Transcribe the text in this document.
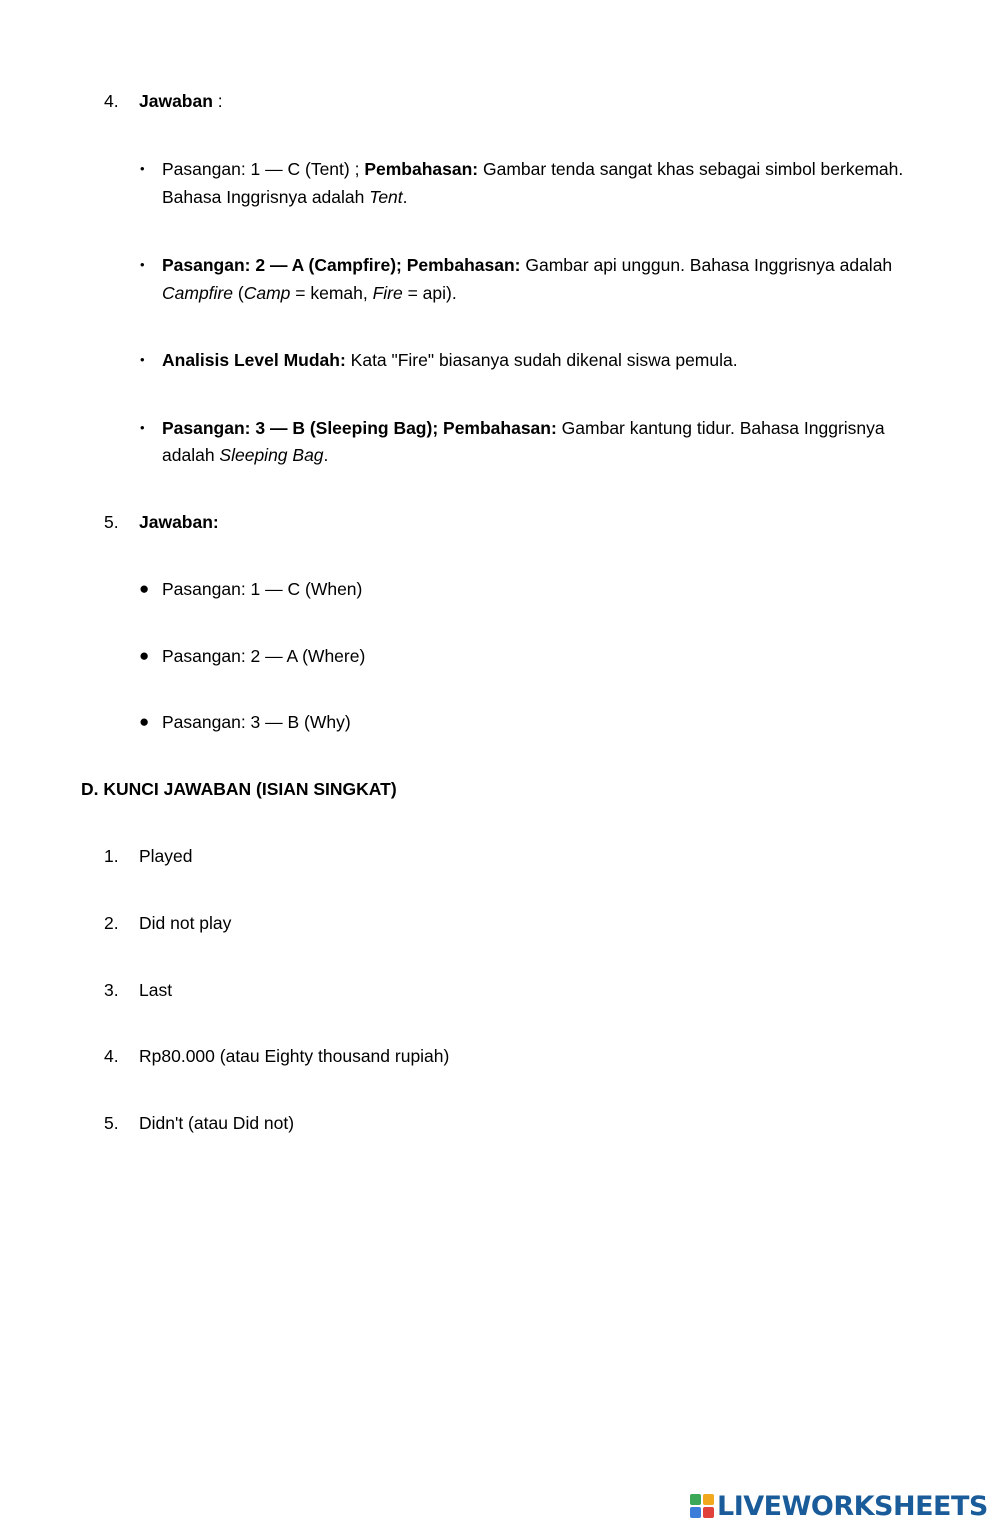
4. Jawaban :
• Pasangan: 1 — C (Tent) ; Pembahasan: Gambar tenda sangat khas sebagai simbol berkemah.
Bahasa Inggrisnya adalah Tent.
• Pasangan: 2 — A (Campfire); Pembahasan: Gambar api unggun. Bahasa Inggrisnya adalah
Campfire (Camp = kemah, Fire = api).
• Analisis Level Mudah: Kata "Fire" biasanya sudah dikenal siswa pemula.
• Pasangan: 3 — B (Sleeping Bag); Pembahasan: Gambar kantung tidur. Bahasa Inggrisnya
adalah Sleeping Bag.
5. Jawaban:
● Pasangan: 1 — C (When)
● Pasangan: 2 — A (Where)
● Pasangan: 3 — B (Why)
D. KUNCI JAWABAN (ISIAN SINGKAT)
1. Played
2. Did not play
3. Last
4. Rp80.000 (atau Eighty thousand rupiah)
5. Didn't (atau Did not)
LIVEWORKSHEETS
